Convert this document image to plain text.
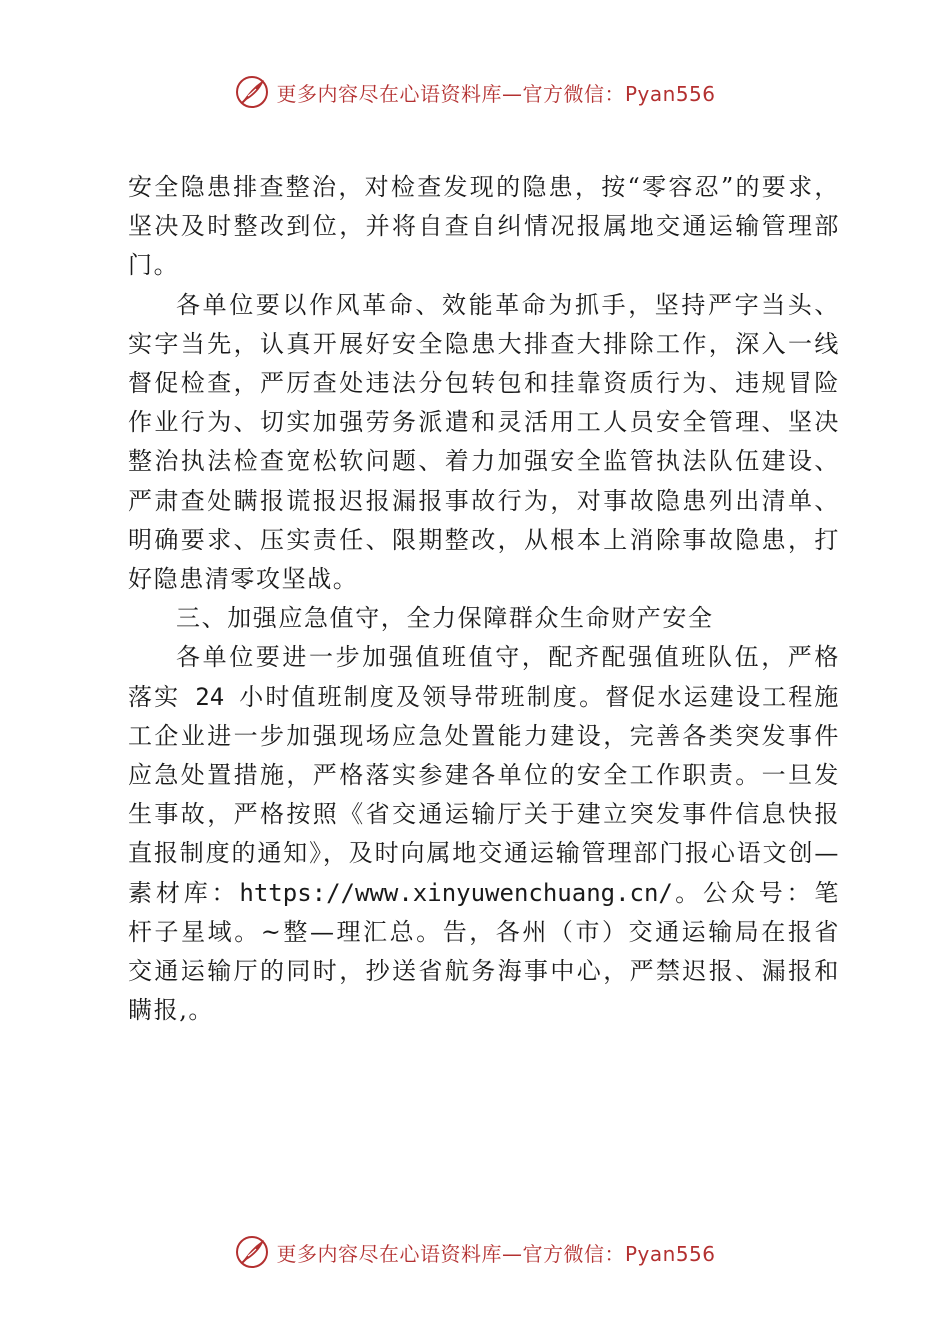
更多内容尽在心语资料库—官方微信：Pyan556

安全隐患排查整治，对检查发现的隐患，按“零容忍”的要求，坚决及时整改到位，并将自查自纠情况报属地交通运输管理部门。

各单位要以作风革命、效能革命为抓手，坚持严字当头、实字当先，认真开展好安全隐患大排查大排除工作，深入一线督促检查，严厉查处违法分包转包和挂靠资质行为、违规冒险作业行为、切实加强劳务派遣和灵活用工人员安全管理、坚决整治执法检查宽松软问题、着力加强安全监管执法队伍建设、严肃查处瞒报谎报迟报漏报事故行为，对事故隐患列出清单、明确要求、压实责任、限期整改，从根本上消除事故隐患，打好隐患清零攻坚战。

三、加强应急值守，全力保障群众生命财产安全

各单位要进一步加强值班值守，配齐配强值班队伍，严格落实 24 小时值班制度及领导带班制度。督促水运建设工程施工企业进一步加强现场应急处置能力建设，完善各类突发事件应急处置措施，严格落实参建各单位的安全工作职责。一旦发生事故，严格按照《省交通运输厅关于建立突发事件信息快报直报制度的通知》，及时向属地交通运输管理部门报心语文创—素材库：https://www.xinyuwenchuang.cn/。公众号：笔杆子星域。~整—理汇总。告，各州（市）交通运输局在报省交通运输厅的同时，抄送省航务海事中心，严禁迟报、漏报和瞒报,。

更多内容尽在心语资料库—官方微信：Pyan556
